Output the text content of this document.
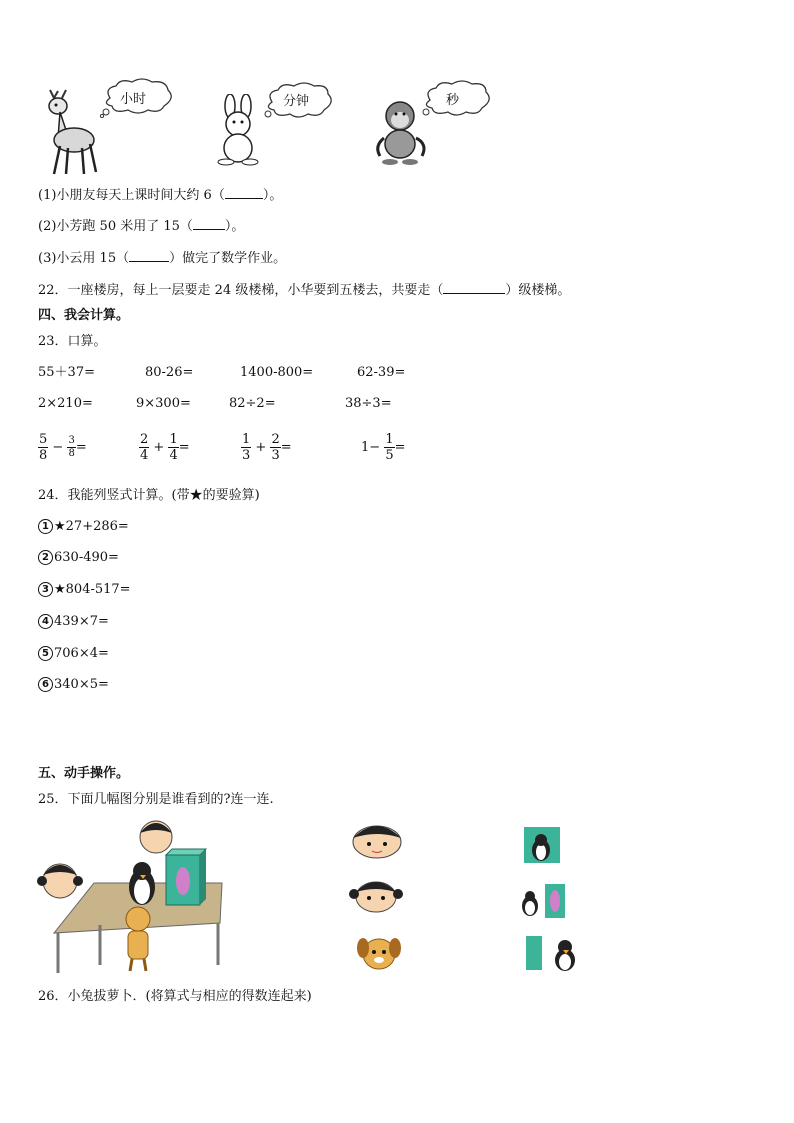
小时	分钟	秒
(1)小朋友每天上课时间大约 6（	）。
(2)小芳跑 50 米用了 15（ ）。
(3)小云用 15（	）做完了数学作业。
22．一座楼房，每上一层要走 24 级楼梯，小华要到五楼去，共要走（	）级楼梯。
四、我会计算。
23．口算。
55＋37=	80-26=	1400-800=	62-39=
2×210=	9×300=	82÷2=	38÷3=
$\frac{5}{8} - \frac{3}{8}$ =	$\frac{2}{4} + \frac{1}{4}$ =	$\frac{1}{3} + \frac{2}{3}$ =	$1- \frac{1}{5}$ =
24．我能列竖式计算。(带★的要验算)
1 ★27+286=
2 630-490=
3 ★804-517=
4 439×7=
5 706×4=
6 340×5=
五、动手操作。
25．下面几幅图分别是谁看到的?连一连.
26．小兔拔萝卜．(将算式与相应的得数连起来)
